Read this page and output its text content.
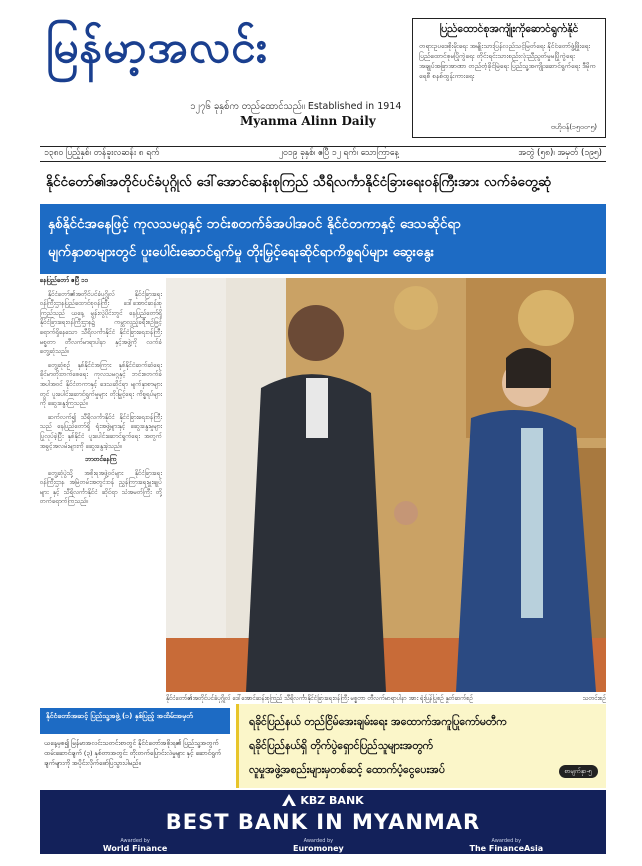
မြန်မာ့အလင်း
၁၂၇၆ ခုနှစ်က တည်ထောင်သည်။ Established in 1914
Myanma Alinn Daily
ပြည်ထောင်စုအကျိုးကိုဆောင်ရွက်နိုင်
တရားဥပဒေစိုးမိုးရေး အမျိုးသားပြန်လည်သင့်မြတ်ရေး နိုင်ငံတော်ဖွံ့ဖြိုးရေး ပြည်ထောင်စုမပြိုကွဲရေး တိုင်းရင်းသားစည်းလုံးညီညွတ်မှုမပြိုကွဲရေး အချုပ်အခြာအာဏာ တည်တံ့ခိုင်မြဲရေး ပြည်သူ့အကျိုးဆောင်ရွက်ရေး ဒီမိုကရေစီ စနစ်ထွန်းကားရေး
ဗဟိုဝန်(၁၅၀၀-၅)
၁၃၈၀ ပြည့်နှစ်၊ တန်ခူးလဆန်း ၈ ရက်	၂၀၁၉ ခုနှစ်၊ ဧပြီ ၁၂ ရက်၊ သောကြာနေ့	အတွဲ (၅၈)၊ အမှတ် (၁၉၅)
နိုင်ငံတော်၏အတိုင်ပင်ခံပုဂ္ဂိုလ် ဒေါ်အောင်ဆန်းစုကြည် သီရိလင်္ကာနိုင်ငံခြားရေးဝန်ကြီးအား လက်ခံတွေ့ဆုံ
နှစ်နိုင်ငံအနေဖြင့် ကုလသမဂ္ဂနှင့် ဘင်းစတက်ခ်အပါအဝင် နိုင်ငံတကာနှင့် ဒေသဆိုင်ရာ
မျက်နှာစာများတွင် ပူးပေါင်းဆောင်ရွက်မှု တိုးမြှင့်ရေးဆိုင်ရာကိစ္စရပ်များ ဆွေးနွေး

နေပြည်တော် ဧပြီ ၁၁

နိုင်ငံတော်၏အတိုင်ပင်ခံပုဂ္ဂိုလ် နိုင်ငံခြားရေးဝန်ကြီးဌာနပြည်ထောင်စုဝန်ကြီး ဒေါ်အောင်ဆန်းစုကြည်သည် ယနေ့ မွန်းလွဲပိုင်းတွင် နေပြည်တော်ရှိ နိုင်ငံခြားရေးဝန်ကြီးဌာန၌ ကမ္ဘာလှည့်ခရီးစဉ်ဖြင့် ရောက်ရှိနေသော သီရိလင်္ကာနိုင်ငံ နိုင်ငံခြားရေးဝန်ကြီး မစ္စတာ တီလက်မာရာပါနာ နှင့်အဖွဲ့ကို လက်ခံတွေ့ဆုံသည်။

တွေ့ဆုံစဉ် နှစ်နိုင်ငံအကြား နှစ်နိုင်ငံဆက်ဆံရေး ခိုင်မာတိုးတက်စေရေး ကုလသမဂ္ဂနှင့် ဘင်းစတက်ခ် အပါအဝင် နိုင်ငံတကာနှင့် ဒေသဆိုင်ရာ မျက်နှာစာများတွင် ပူးပေါင်းဆောင်ရွက်မှုများ တိုးမြှင့်ရေး ကိစ္စရပ်များကို ဆွေးနွေးကြသည်။

ဆက်လက်၍ သီရိလင်္ကာနိုင်ငံ နိုင်ငံခြားရေးဝန်ကြီးသည် နေပြည်တော်ရှိ ရုံးအဖွဲ့များနှင့် ဆွေးနွေးမှုများ ပြုလုပ်ခဲ့ပြီး နှစ်နိုင်ငံ ပူးပေါင်းဆောင်ရွက်ရေး အတွက် အခွင့်အလမ်းများကို ဆွေးနွေးခဲ့သည်။

ဘာတင်နေကြ

တွေ့ဆုံပွဲသို့ အစိုးရအဖွဲ့ဝင်များ နိုင်ငံခြားရေးဝန်ကြီးဌာန အမြဲတမ်းအတွင်းဝန် ညွှန်ကြားရေးမှူးချုပ်များ နှင့် သီရိလင်္ကာနိုင်ငံ ဆိုင်ရာ သံအမတ်ကြီး တို့ တက်ရောက်ကြသည်။

နိုင်ငံတော်၏အတိုင်ပင်ခံပုဂ္ဂိုလ် ဒေါ်အောင်ဆန်းစုကြည် သီရိလင်္ကာနိုင်ငံခြားရေးဝန်ကြီး မစ္စတာ တီလက်မာရာပါနာ အား ရုံးပြန်ပြုစဉ် နှုတ်ဆက်စဉ်	သတင်းစဉ်
နိုင်ငံတော်အဆင့် ပြည်သူ့အဖွဲ့ (၁) နှစ်ပြည့် အထိမ်းအမှတ်
ယနေ့မှစ၍ မြန်မာအလင်းသတင်းစာတွင် နိုင်ငံတော်အစိုးရ၏ ပြည်သူ့အတွက် ထမ်းဆောင်ချက် (၃) နှစ်တာအတွင်း တိုးတက်ပြောင်းလဲမှုများ နှင့် ဆောင်ရွက်ချက်များကို အပိုင်းလိုက်ဖော်ပြသွားပါမည်။
ရခိုင်ပြည်နယ် တည်ငြိမ်အေးချမ်းရေး အထောက်အကူပြုကော်မတီက
ရခိုင်ပြည်နယ်ရှိ တိုက်ပွဲရှောင်ပြည်သူများအတွက်
လူမှုအဖွဲ့အစည်းများမှတစ်ဆင့် ထောက်ပံ့ငွေပေးအပ်	စာမျက်နှာ-၅
KBZ BANK
BEST BANK IN MYANMAR
Awarded by
World Finance
Awarded by
Euromoney
Awarded by
The FinanceAsia
